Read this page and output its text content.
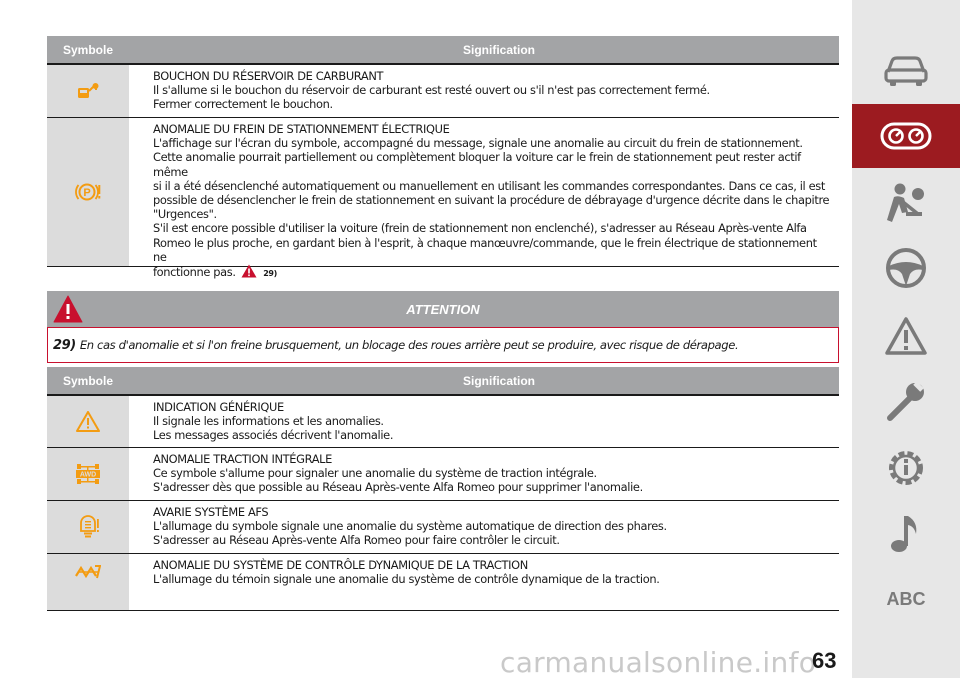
Symbole	Signification
BOUCHON DU RÉSERVOIR DE CARBURANT
Il s'allume si le bouchon du réservoir de carburant est resté ouvert ou s'il n'est pas correctement fermé.
Fermer correctement le bouchon.
P
ANOMALIE DU FREIN DE STATIONNEMENT ÉLECTRIQUE
L'affichage sur l'écran du symbole, accompagné du message, signale une anomalie au circuit du frein de stationnement.
Cette anomalie pourrait partiellement ou complètement bloquer la voiture car le frein de stationnement peut rester actif même
si il a été désenclenché automatiquement ou manuellement en utilisant les commandes correspondantes. Dans ce cas, il est
possible de désenclencher le frein de stationnement en suivant la procédure de débrayage d'urgence décrite dans le chapitre
"Urgences".
S'il est encore possible d'utiliser la voiture (frein de stationnement non enclenché), s'adresser au Réseau Après-vente Alfa
Romeo le plus proche, en gardant bien à l'esprit, à chaque manœuvre/commande, que le frein électrique de stationnement ne
fonctionne pas.	29)
ATTENTION
29) En cas d'anomalie et si l'on freine brusquement, un blocage des roues arrière peut se produire, avec risque de dérapage.
Symbole	Signification
INDICATION GÉNÉRIQUE
Il signale les informations et les anomalies.
Les messages associés décrivent l'anomalie.
AWD
ANOMALIE TRACTION INTÉGRALE
Ce symbole s'allume pour signaler une anomalie du système de traction intégrale.
S'adresser dès que possible au Réseau Après-vente Alfa Romeo pour supprimer l'anomalie.
AVARIE SYSTÈME AFS
L'allumage du symbole signale une anomalie du système automatique de direction des phares.
S'adresser au Réseau Après-vente Alfa Romeo pour faire contrôler le circuit.
ANOMALIE DU SYSTÈME DE CONTRÔLE DYNAMIQUE DE LA TRACTION
L'allumage du témoin signale une anomalie du système de contrôle dynamique de la traction.
ABC
carmanualsonline.info
63
